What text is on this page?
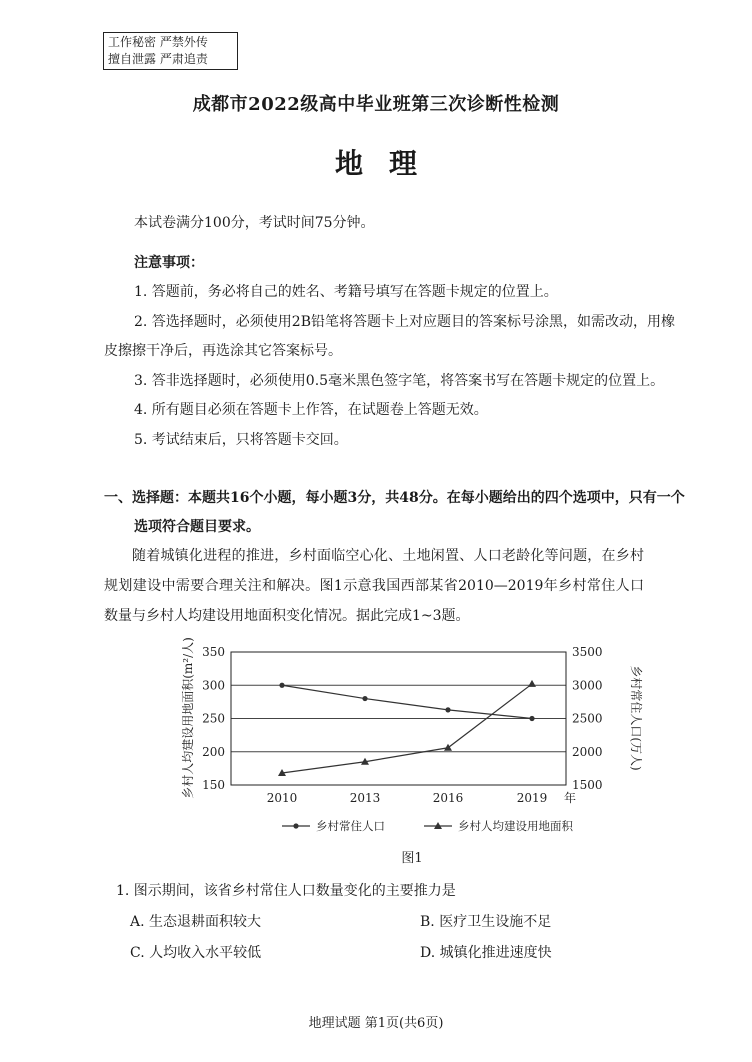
工作秘密 严禁外传
擅自泄露 严肃追责
成都市2022级高中毕业班第三次诊断性检测
地理
本试卷满分100分，考试时间75分钟。
注意事项：
1. 答题前，务必将自己的姓名、考籍号填写在答题卡规定的位置上。
2. 答选择题时，必须使用2B铅笔将答题卡上对应题目的答案标号涂黑，如需改动，用橡
皮擦擦干净后，再选涂其它答案标号。
3. 答非选择题时，必须使用0.5毫米黑色签字笔，将答案书写在答题卡规定的位置上。
4. 所有题目必须在答题卡上作答，在试题卷上答题无效。
5. 考试结束后，只将答题卡交回。
一、选择题：本题共16个小题，每小题3分，共48分。在每小题给出的四个选项中，只有一个
选项符合题目要求。
随着城镇化进程的推进，乡村面临空心化、土地闲置、人口老龄化等问题，在乡村规划建设中需要合理关注和解决。图1示意我国西部某省2010—2019年乡村常住人口数量与乡村人均建设用地面积变化情况。据此完成1~3题。
150
200
250
300
350
1500
2000
2500
3000
3500
2010	2013	2016	2019 年
乡村人均建设用地面积(m²/人)	乡村常住人口(万人)
乡村常住人口	乡村人均建设用地面积
图1
1. 图示期间，该省乡村常住人口数量变化的主要推力是
A. 生态退耕面积较大	B. 医疗卫生设施不足
C. 人均收入水平较低	D. 城镇化推进速度快
地理试题 第1页(共6页)
